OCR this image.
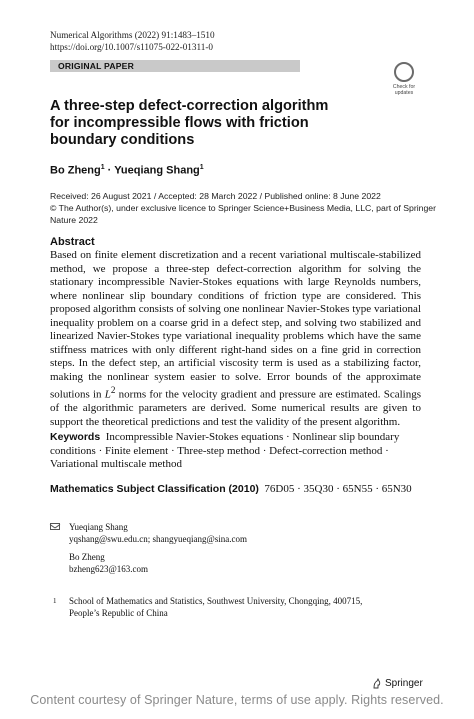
Numerical Algorithms (2022) 91:1483–1510
https://doi.org/10.1007/s11075-022-01311-0
ORIGINAL PAPER
Check for updates
A three-step defect-correction algorithm for incompressible flows with friction boundary conditions
Bo Zheng$^1$ · Yueqiang Shang$^1$
Received: 26 August 2021 / Accepted: 28 March 2022 / Published online: 8 June 2022
© The Author(s), under exclusive licence to Springer Science+Business Media, LLC, part of Springer Nature 2022
Abstract
Based on finite element discretization and a recent variational multiscale-stabilized method, we propose a three-step defect-correction algorithm for solving the stationary incompressible Navier-Stokes equations with large Reynolds numbers, where nonlinear slip boundary conditions of friction type are considered. This proposed algorithm consists of solving one nonlinear Navier-Stokes type variational inequality problem on a coarse grid in a defect step, and solving two stabilized and linearized Navier-Stokes type variational inequality problems which have the same stiffness matrices with only different right-hand sides on a fine grid in correction steps. In the defect step, an artificial viscosity term is used as a stabilizing factor, making the nonlinear system easier to solve. Error bounds of the approximate solutions in $L^2$ norms for the velocity gradient and pressure are estimated. Scalings of the algorithmic parameters are derived. Some numerical results are given to support the theoretical predictions and test the validity of the present algorithm.
Keywords Incompressible Navier-Stokes equations · Nonlinear slip boundary conditions · Finite element · Three-step method · Defect-correction method · Variational multiscale method
Mathematics Subject Classification (2010) 76D05 · 35Q30 · 65N55 · 65N30
Yueqiang Shang
yqshang@swu.edu.cn; shangyueqiang@sina.com
Bo Zheng
bzheng623@163.com
1 School of Mathematics and Statistics, Southwest University, Chongqing, 400715,
People’s Republic of China
Springer
Content courtesy of Springer Nature, terms of use apply. Rights reserved.
